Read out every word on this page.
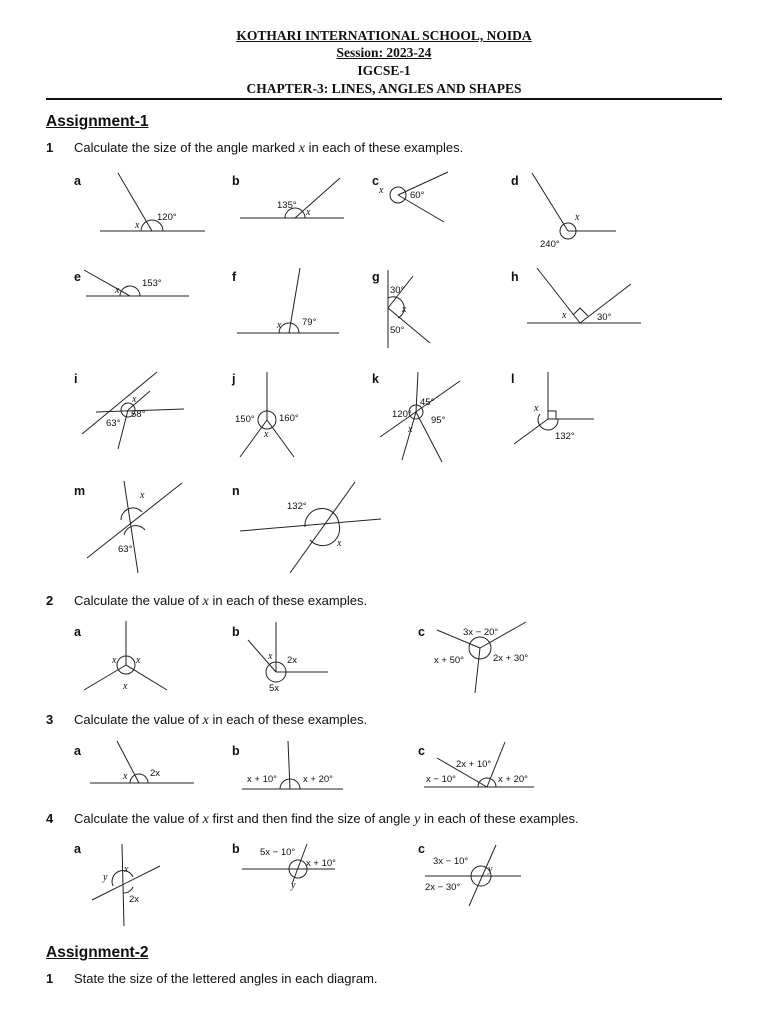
KOTHARI INTERNATIONAL SCHOOL, NOIDA
Session: 2023-24
IGCSE-1
CHAPTER-3: LINES, ANGLES AND SHAPES
Assignment-1
1 Calculate the size of the angle marked x in each of these examples.
a	b	c	d
e	f	g	h
i	j	k	l
m	n
2 Calculate the value of x in each of these examples.
a	b	c
3 Calculate the value of x in each of these examples.
a	b	c
4 Calculate the value of x first and then find the size of angle y in each of these examples.
a	b	c
Assignment-2
1 State the size of the lettered angles in each diagram.
120°
x
135°
x
60°
x
240°
x
153°
x
79°
x
30°
50°
x
30°
x
63°
58°
x
150°	160°
x
120°
45°
95°
x
132°
x
63°
x
132°
x
x x
x
x 2x
5x
3x − 20°
x + 50°	2x + 30°
x 2x
x + 10°	x + 20°
2x + 10°
x − 10°	x + 20°
y
x
2x
5x − 10°
x + 10°
y
3x − 10°
2x − 30°
y
